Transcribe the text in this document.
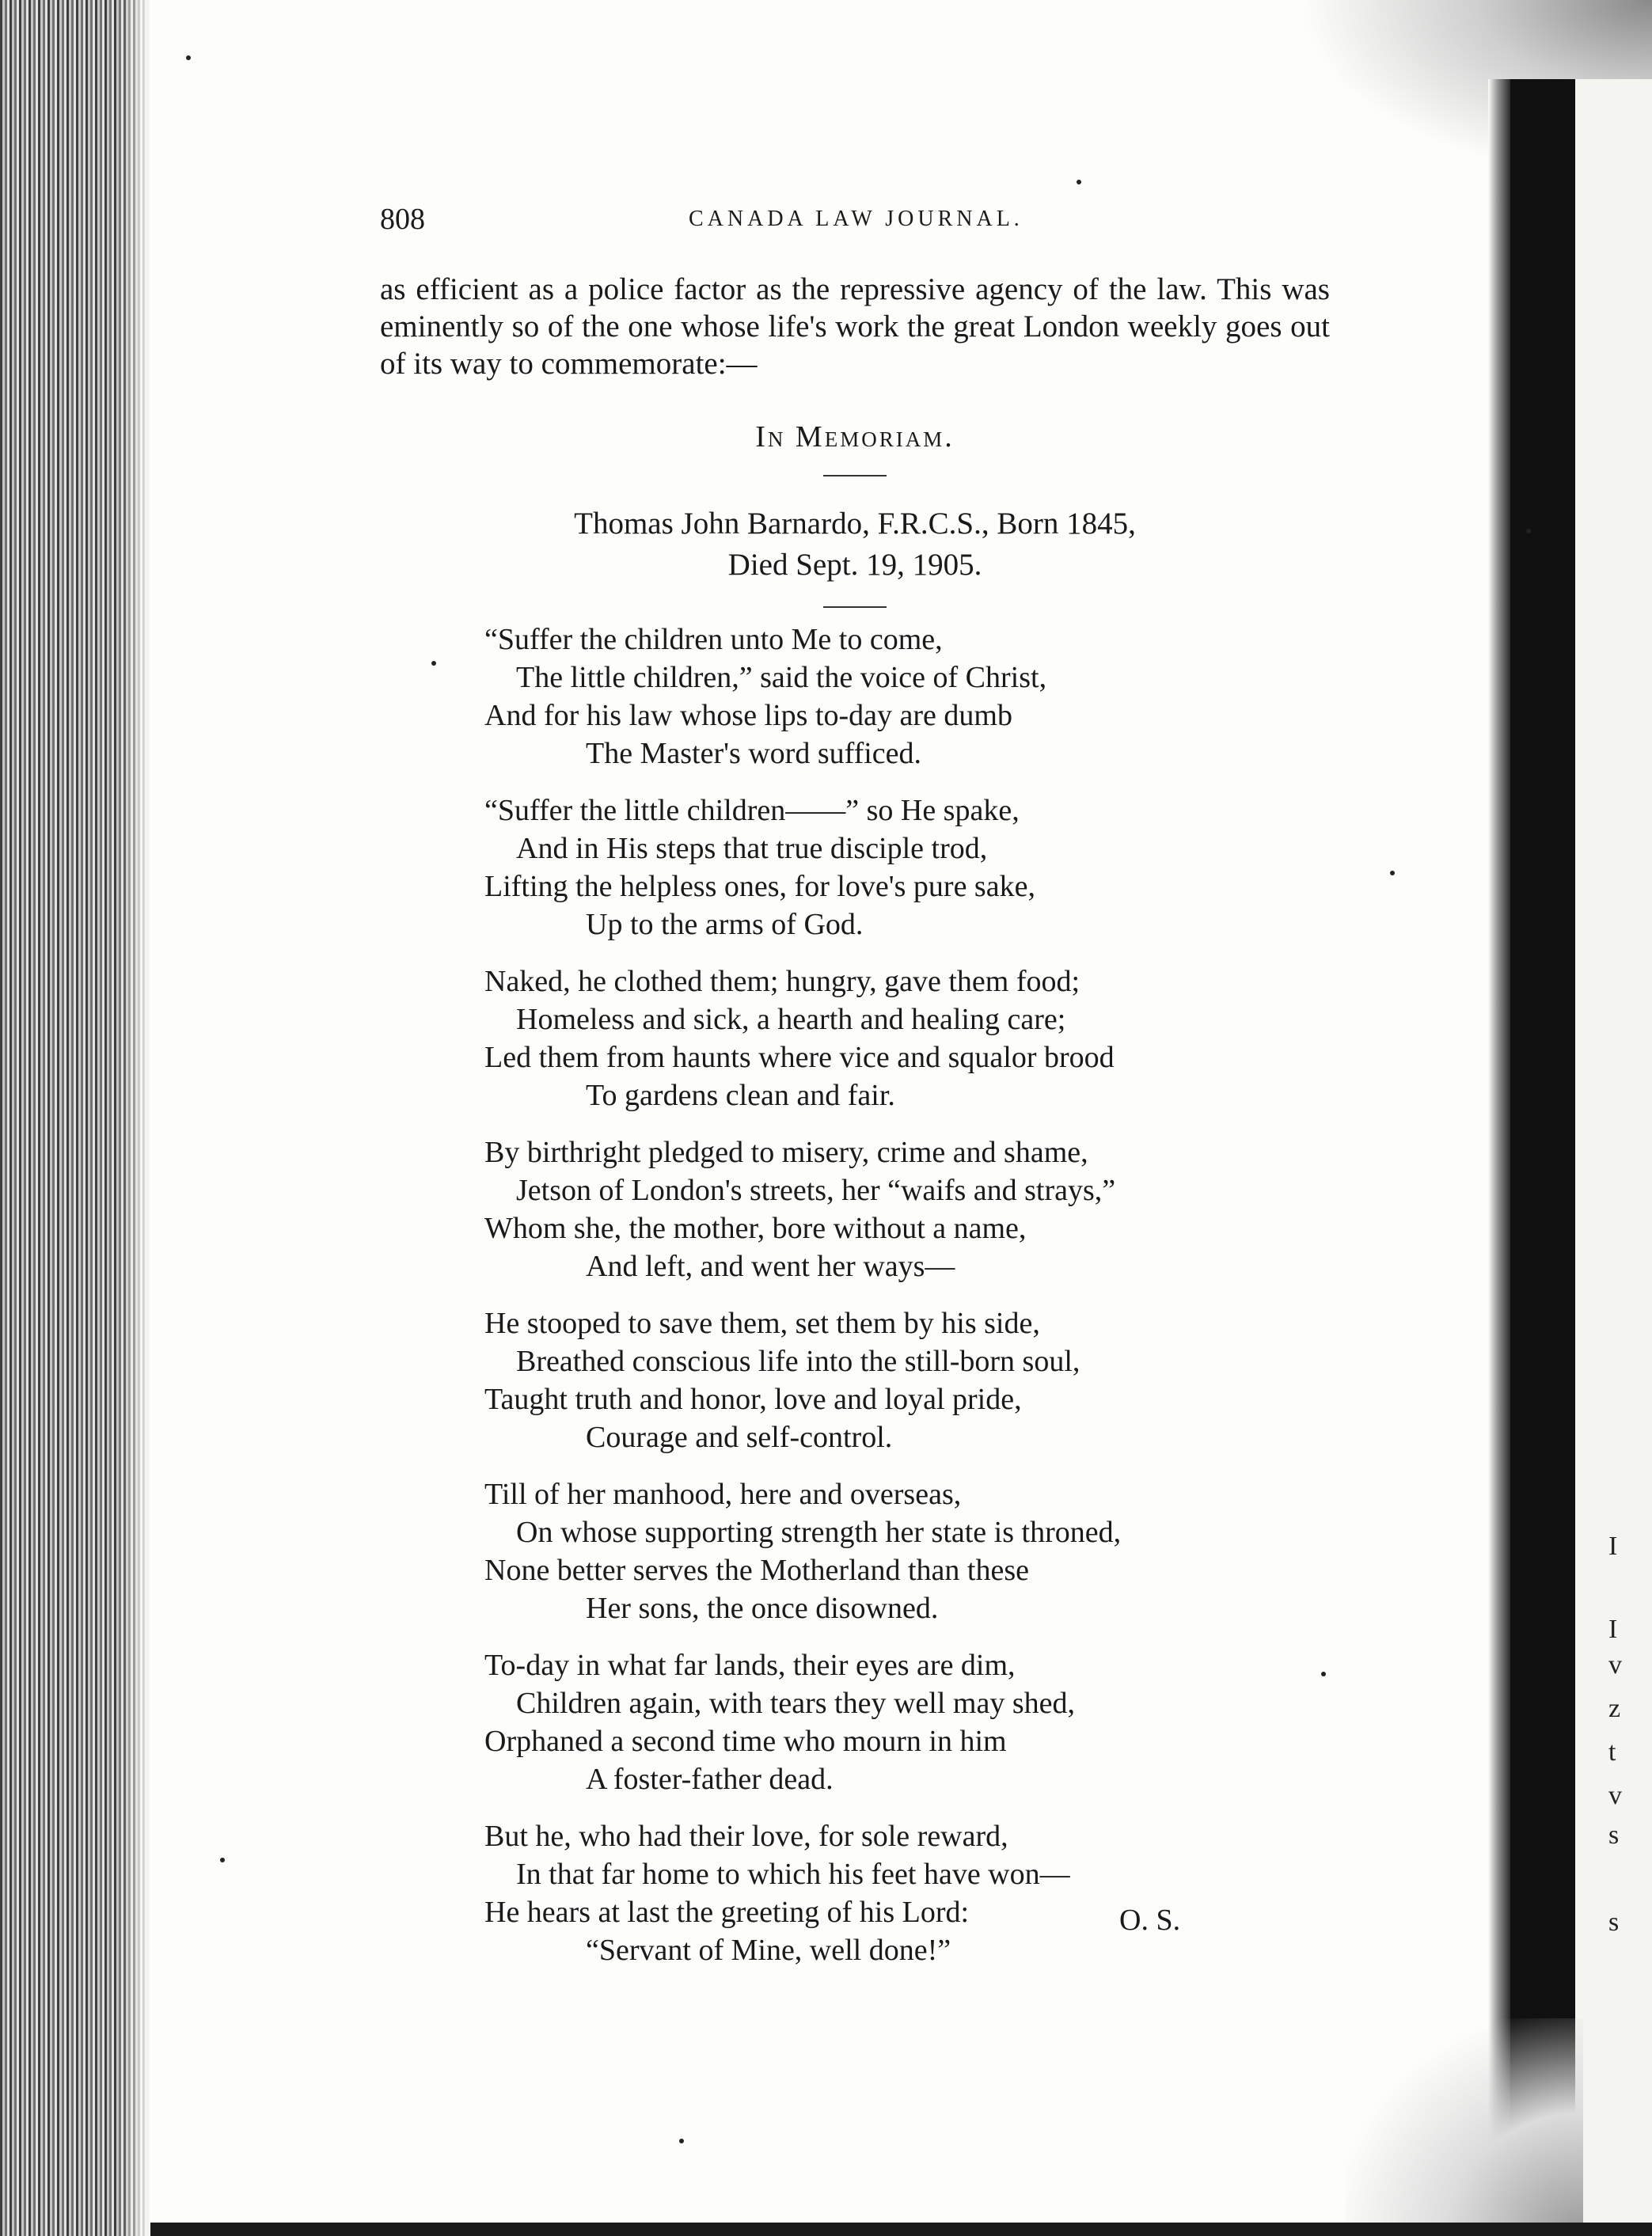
I
I
v
z
t
v
s
s
808	CANADA LAW JOURNAL.

as efficient as a police factor as the repressive agency of the law. This was eminently so of the one whose life's work the great London weekly goes out of its way to commemorate:—

In Memoriam.
Thomas John Barnardo, F.R.C.S., Born 1845,
Died Sept. 19, 1905.
“Suffer the children unto Me to come,
The little children,” said the voice of Christ,
And for his law whose lips to-day are dumb
The Master's word sufficed.
“Suffer the little children——” so He spake,
And in His steps that true disciple trod,
Lifting the helpless ones, for love's pure sake,
Up to the arms of God.
Naked, he clothed them; hungry, gave them food;
Homeless and sick, a hearth and healing care;
Led them from haunts where vice and squalor brood
To gardens clean and fair.
By birthright pledged to misery, crime and shame,
Jetson of London's streets, her “waifs and strays,”
Whom she, the mother, bore without a name,
And left, and went her ways—
He stooped to save them, set them by his side,
Breathed conscious life into the still-born soul,
Taught truth and honor, love and loyal pride,
Courage and self-control.
Till of her manhood, here and overseas,
On whose supporting strength her state is throned,
None better serves the Motherland than these
Her sons, the once disowned.
To-day in what far lands, their eyes are dim,
Children again, with tears they well may shed,
Orphaned a second time who mourn in him
A foster-father dead.
But he, who had their love, for sole reward,
In that far home to which his feet have won—
He hears at last the greeting of his Lord:
“Servant of Mine, well done!”
O. S.
